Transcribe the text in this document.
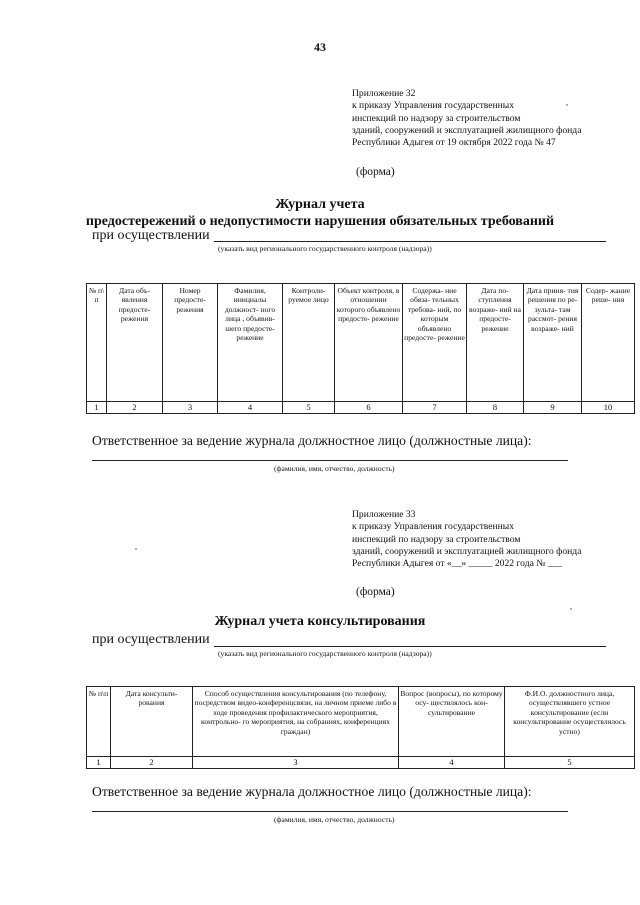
43
Приложение 32
к приказу Управления государственных
инспекций по надзору за строительством
зданий, сооружений и эксплуатацией жилищного фонда
Республики Адыгея от 19 октября 2022 года № 47
(форма)
Журнал учета
предостережений о недопустимости нарушения обязательных требований
при осуществлении
(указать вид регионального государственного контроля (надзора))
№ п\ п	Дата объ- явления предосте- режения	Номер предосте- режения	Фамилия, инициалы должност- ного лица , объявив- шего предосте- режение	Контроли- руемое лицо	Объект контроля, в отношении которого объявлено предосте- режение	Содержа- ние обяза- тельных требова- ний, по которым объявлено предосте- режение	Дата по- ступления возраже- ний на предосте- режение	Дата приня- тия решения по ре- зульта- там рассмот- рения возраже- ний	Содер- жание реше- ния
1	2	3	4	5	6	7	8	9	10
Ответственное за ведение журнала должностное лицо (должностные лица):
(фамилия, имя, отчество, должность)
Приложение 33
к приказу Управления государственных
инспекций по надзору за строительством
зданий, сооружений и эксплуатацией жилищного фонда
Республики Адыгея от «__» _____ 2022 года № ___
(форма)
Журнал учета консультирования
при осуществлении
(указать вид регионального государственного контроля (надзора))
№ п\п	Дата консульти- рования	Способ осуществления консультирования (по телефону, посредством видео-конференцсвязи, на личном приеме либо в ходе проведения профилактического мероприятия, контрольно- го мероприятия, на собраниях, конференциях граждан)	Вопрос (вопросы), по которому осу- ществлялось кон- сультирование	Ф.И.О. должностного лица, осуществлявшего устное консультирование (если консультирование осуществлялось устно)
1	2	3	4	5
Ответственное за ведение журнала должностное лицо (должностные лица):
(фамилия, имя, отчество, должность)
